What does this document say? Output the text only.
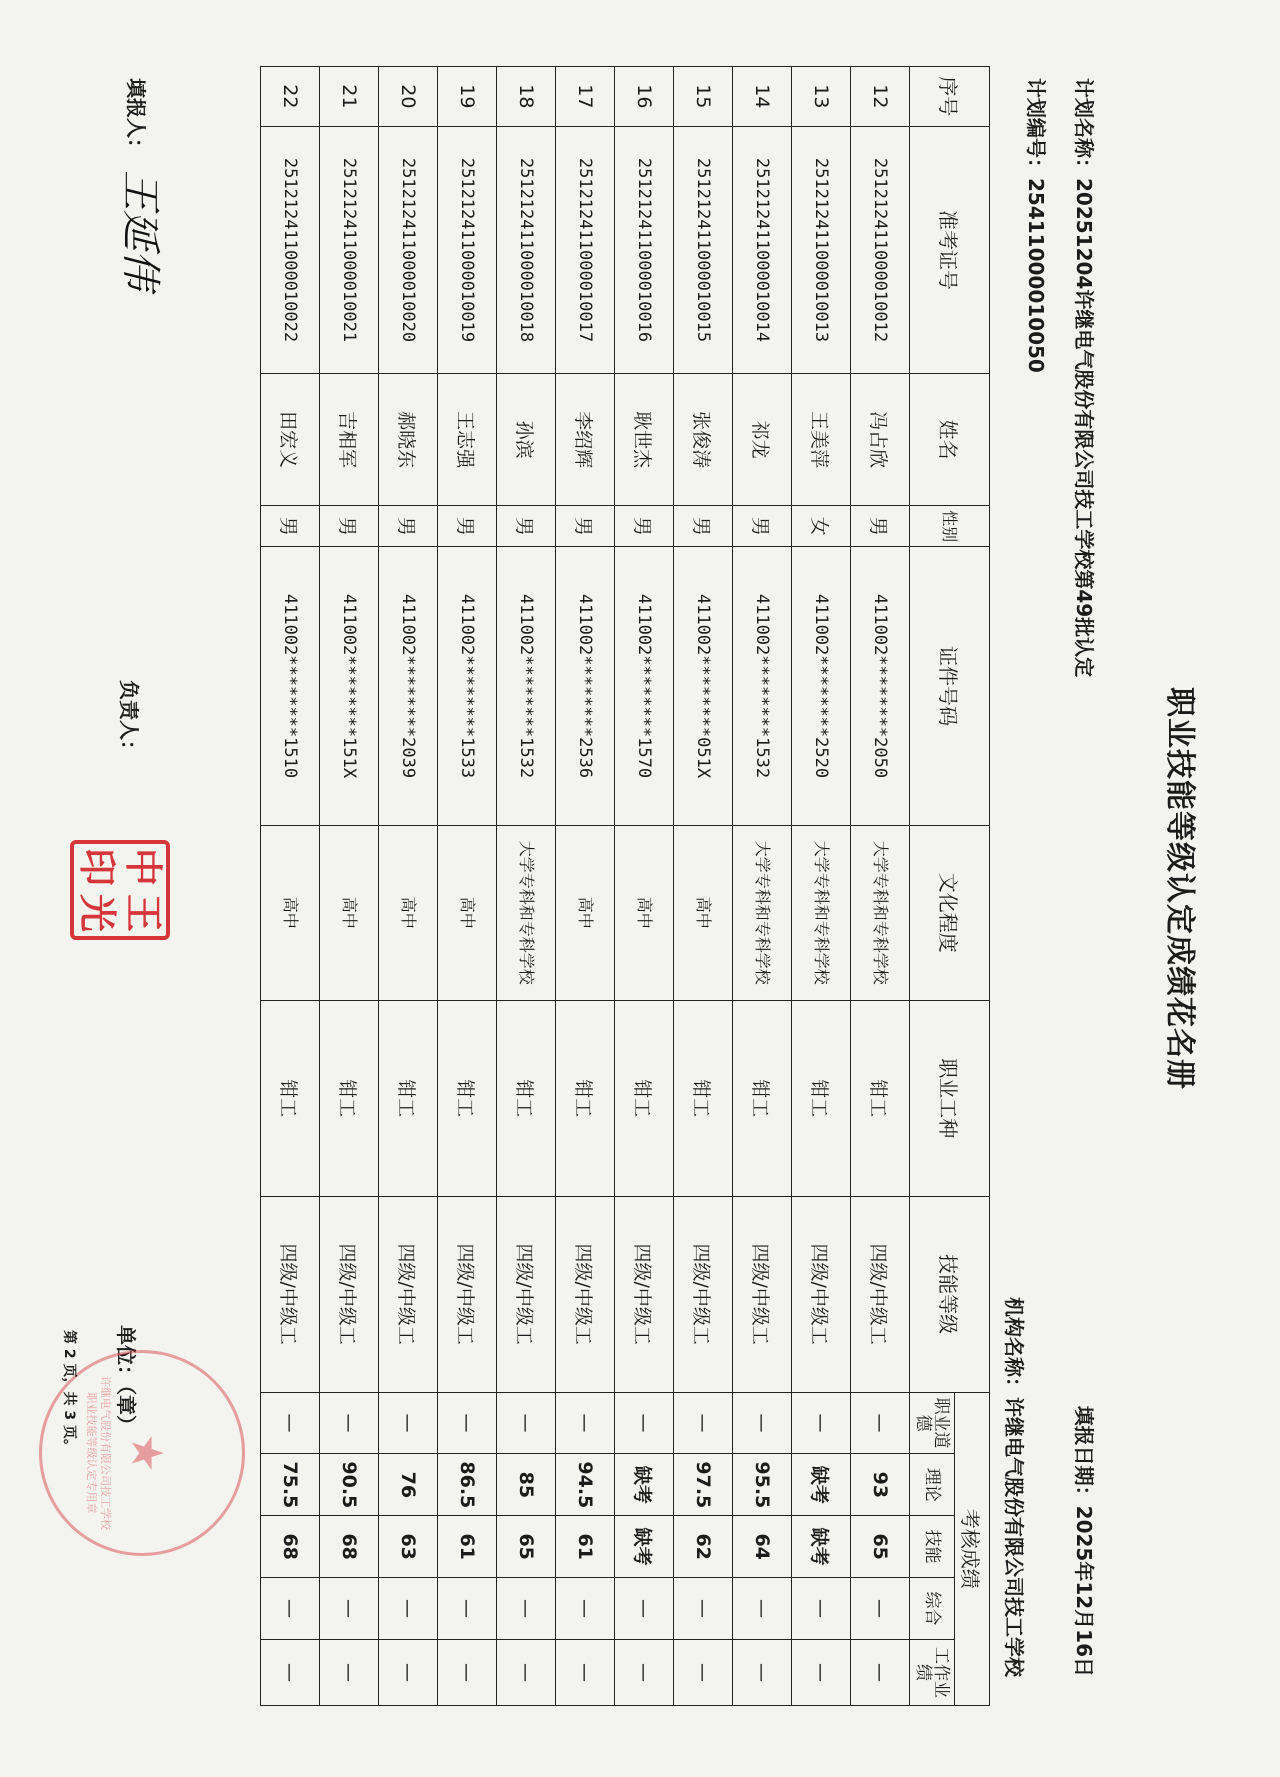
职业技能等级认定成绩花名册
计划名称：20251204许继电气股份有限公司技工学校第49批认定
填报日期：2025年12月16日
计划编号：25411000010050
机构名称：许继电气股份有限公司技工学校
序号	准考证号	姓名	性别	证件号码	文化程度	职业工种	技能等级	考核成绩				
								职业道德	理论	技能	综合	工作业绩
12	251212411000010012	冯占欣	男	411002********2050	大学专科和专科学校	钳工	四级/中级工	—	93	65	—	—
13	251212411000010013	王美萍	女	411002********2520	大学专科和专科学校	钳工	四级/中级工	—	缺考	缺考	—	—
14	251212411000010014	祁龙	男	411002********1532	大学专科和专科学校	钳工	四级/中级工	—	95.5	64	—	—
15	251212411000010015	张俊涛	男	411002********051X	高中	钳工	四级/中级工	—	97.5	62	—	—
16	251212411000010016	耿世杰	男	411002********1570	高中	钳工	四级/中级工	—	缺考	缺考	—	—
17	251212411000010017	李绍辉	男	411002********2536	高中	钳工	四级/中级工	—	94.5	61	—	—
18	251212411000010018	孙滨	男	411002********1532	大学专科和专科学校	钳工	四级/中级工	—	85	65	—	—
19	251212411000010019	王志强	男	411002********1533	高中	钳工	四级/中级工	—	86.5	61	—	—
20	251212411000010020	郝晓东	男	411002********2039	高中	钳工	四级/中级工	—	76	63	—	—
21	251212411000010021	吉相军	男	411002********151X	高中	钳工	四级/中级工	—	90.5	68	—	—
22	251212411000010022	田宏义	男	411002********1510	高中	钳工	四级/中级工	—	75.5	68	—	—
填报人：
王延伟
负责人：
中
王
印
光
单位：（章）
★
许继电气股份有限公司技工学校职业技能等级认定专用章
第 2 页，共 3 页。
